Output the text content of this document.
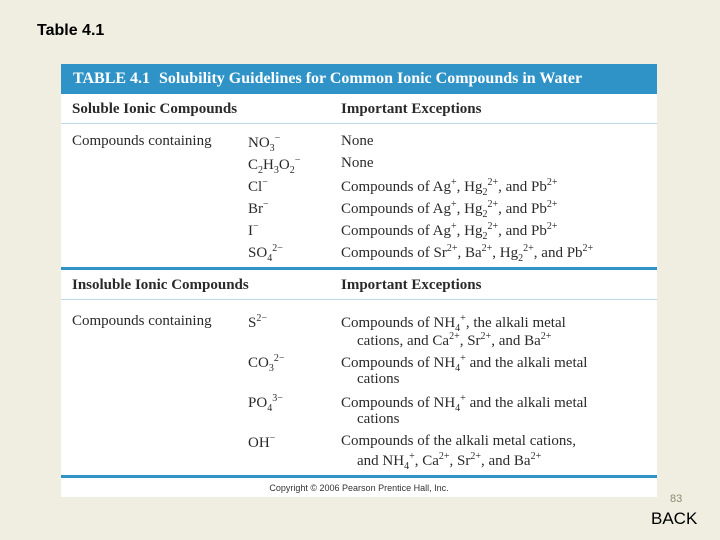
Table 4.1
TABLE 4.1 Solubility Guidelines for Common Ionic Compounds in Water
Soluble Ionic Compounds	Important Exceptions
Compounds containing $NO_3^-$	None
$C_2H_3O_2^-$	None
Cl−	Compounds of Ag+, $Hg_2^{2+}$, and $Pb^{2+}$
Br−	Compounds of Ag+, $Hg_2^{2+}$, and $Pb^{2+}$
I−	Compounds of Ag+, $Hg_2^{2+}$, and $Pb^{2+}$
$SO_4^{2-}$	Compounds of $Sr^{2+}$, $Ba^{2+}$, $Hg_2^{2+}$, and $Pb^{2+}$
Insoluble Ionic Compounds	Important Exceptions
Compounds containing $S^{2-}$	Compounds of $NH_4^+$, the alkali metal
cations, and $Ca^{2+}$, $Sr^{2+}$, and $Ba^{2+}$
$CO_3^{2-}$	Compounds of $NH_4^+$ and the alkali metal
cations
$PO_4^{3-}$	Compounds of $NH_4^+$ and the alkali metal
cations
OH−	Compounds of the alkali metal cations,
and $NH_4^+$, $Ca^{2+}$, $Sr^{2+}$, and $Ba^{2+}$
Copyright © 2006 Pearson Prentice Hall, Inc.
83
BACK
